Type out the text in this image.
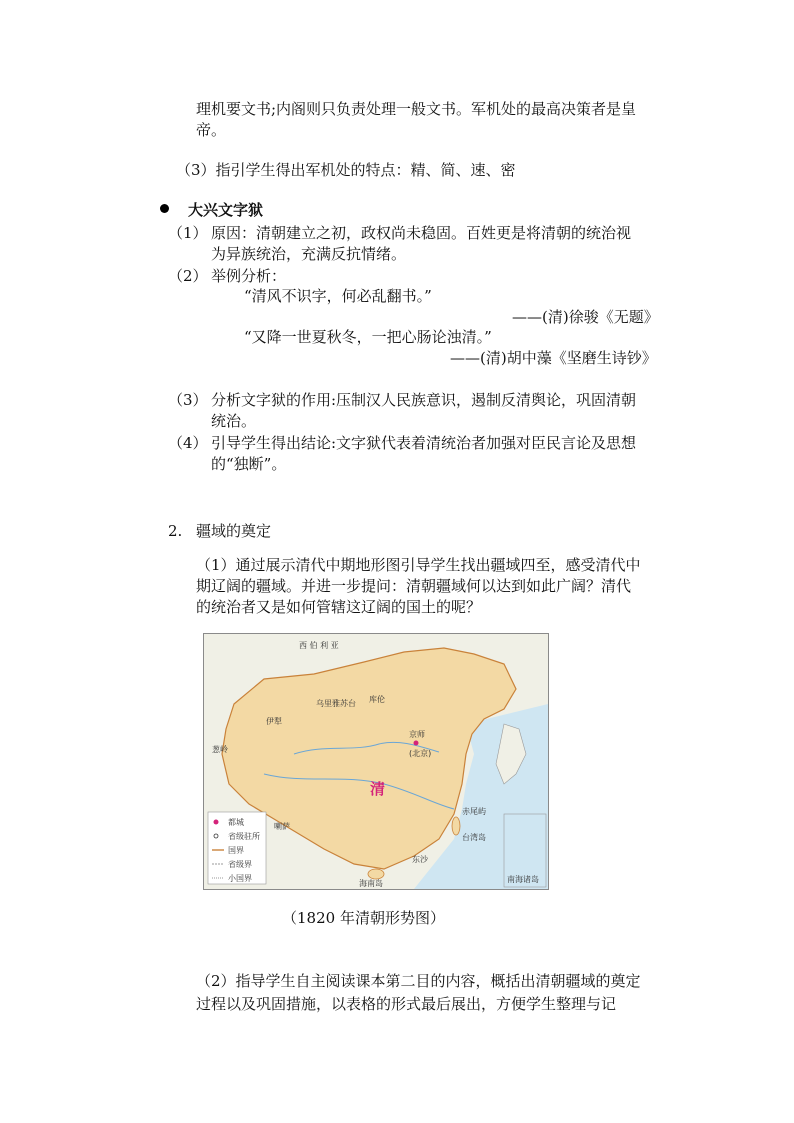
理机要文书;内阁则只负责处理一般文书。军机处的最高决策者是皇
帝。
（3）指引学生得出军机处的特点：精、简、速、密
大兴文字狱
（1） 原因：清朝建立之初，政权尚未稳固。百姓更是将清朝的统治视
为异族统治，充满反抗情绪。
（2） 举例分析：
“清风不识字，何必乱翻书。”
——(清)徐骏《无题》
“又降一世夏秋冬，一把心肠论浊清。”
——(清)胡中藻《坚磨生诗钞》
（3） 分析文字狱的作用:压制汉人民族意识，遏制反清舆论，巩固清朝
统治。
（4） 引导学生得出结论:文字狱代表着清统治者加强对臣民言论及思想
的“独断”。
2. 疆域的奠定
（1）通过展示清代中期地形图引导学生找出疆域四至，感受清代中
期辽阔的疆域。并进一步提问：清朝疆域何以达到如此广阔？清代
的统治者又是如何管辖这辽阔的国土的呢？
都城
省级驻所
国界
省级界
小国界	南海诸岛
西 伯 利 亚
乌里雅苏台 库伦
伊犁
葱岭
京师
(北京)
清
喇萨
台湾岛
赤尾屿
东沙
海南岛
（1820 年清朝形势图）
（2）指导学生自主阅读课本第二目的内容，概括出清朝疆域的奠定
过程以及巩固措施，以表格的形式最后展出，方便学生整理与记
